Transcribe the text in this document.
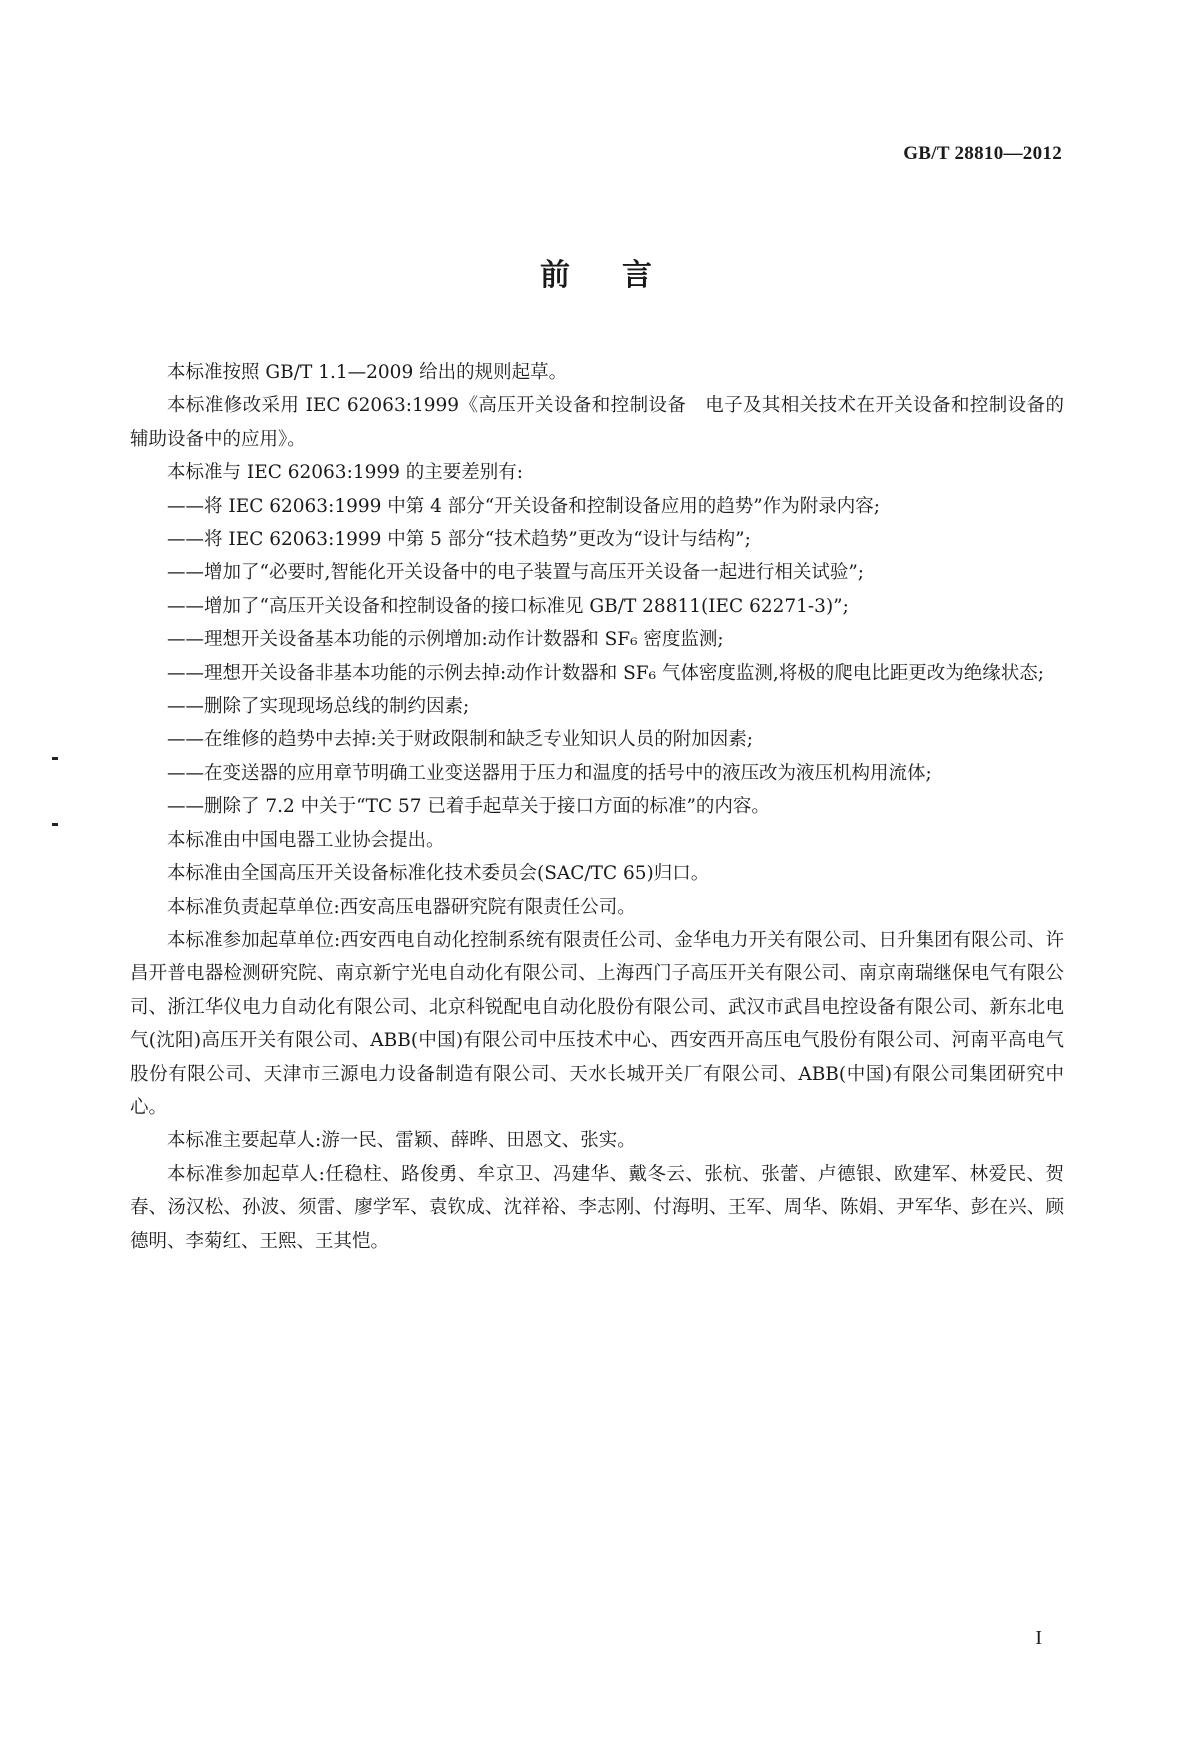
GB/T 28810—2012
前言

本标准按照 GB/T 1.1—2009 给出的规则起草。

本标准修改采用 IEC 62063:1999《高压开关设备和控制设备　电子及其相关技术在开关设备和控制设备的辅助设备中的应用》。

本标准与 IEC 62063:1999 的主要差别有:

——将 IEC 62063:1999 中第 4 部分“开关设备和控制设备应用的趋势”作为附录内容;

——将 IEC 62063:1999 中第 5 部分“技术趋势”更改为“设计与结构”;

——增加了“必要时,智能化开关设备中的电子装置与高压开关设备一起进行相关试验”;

——增加了“高压开关设备和控制设备的接口标准见 GB/T 28811(IEC 62271-3)”;

——理想开关设备基本功能的示例增加:动作计数器和 SF₆ 密度监测;

——理想开关设备非基本功能的示例去掉:动作计数器和 SF₆ 气体密度监测,将极的爬电比距更改为绝缘状态;

——删除了实现现场总线的制约因素;

——在维修的趋势中去掉:关于财政限制和缺乏专业知识人员的附加因素;

——在变送器的应用章节明确工业变送器用于压力和温度的括号中的液压改为液压机构用流体;

——删除了 7.2 中关于“TC 57 已着手起草关于接口方面的标准”的内容。

本标准由中国电器工业协会提出。

本标准由全国高压开关设备标准化技术委员会(SAC/TC 65)归口。

本标准负责起草单位:西安高压电器研究院有限责任公司。

本标准参加起草单位:西安西电自动化控制系统有限责任公司、金华电力开关有限公司、日升集团有限公司、许昌开普电器检测研究院、南京新宁光电自动化有限公司、上海西门子高压开关有限公司、南京南瑞继保电气有限公司、浙江华仪电力自动化有限公司、北京科锐配电自动化股份有限公司、武汉市武昌电控设备有限公司、新东北电气(沈阳)高压开关有限公司、ABB(中国)有限公司中压技术中心、西安西开高压电气股份有限公司、河南平高电气股份有限公司、天津市三源电力设备制造有限公司、天水长城开关厂有限公司、ABB(中国)有限公司集团研究中心。

本标准主要起草人:游一民、雷颖、薛晔、田恩文、张实。

本标准参加起草人:任稳柱、路俊勇、牟京卫、冯建华、戴冬云、张杭、张蕾、卢德银、欧建军、林爱民、贺春、汤汉松、孙波、须雷、廖学军、袁钦成、沈祥裕、李志刚、付海明、王军、周华、陈娟、尹军华、彭在兴、顾德明、李菊红、王熙、王其恺。

I
